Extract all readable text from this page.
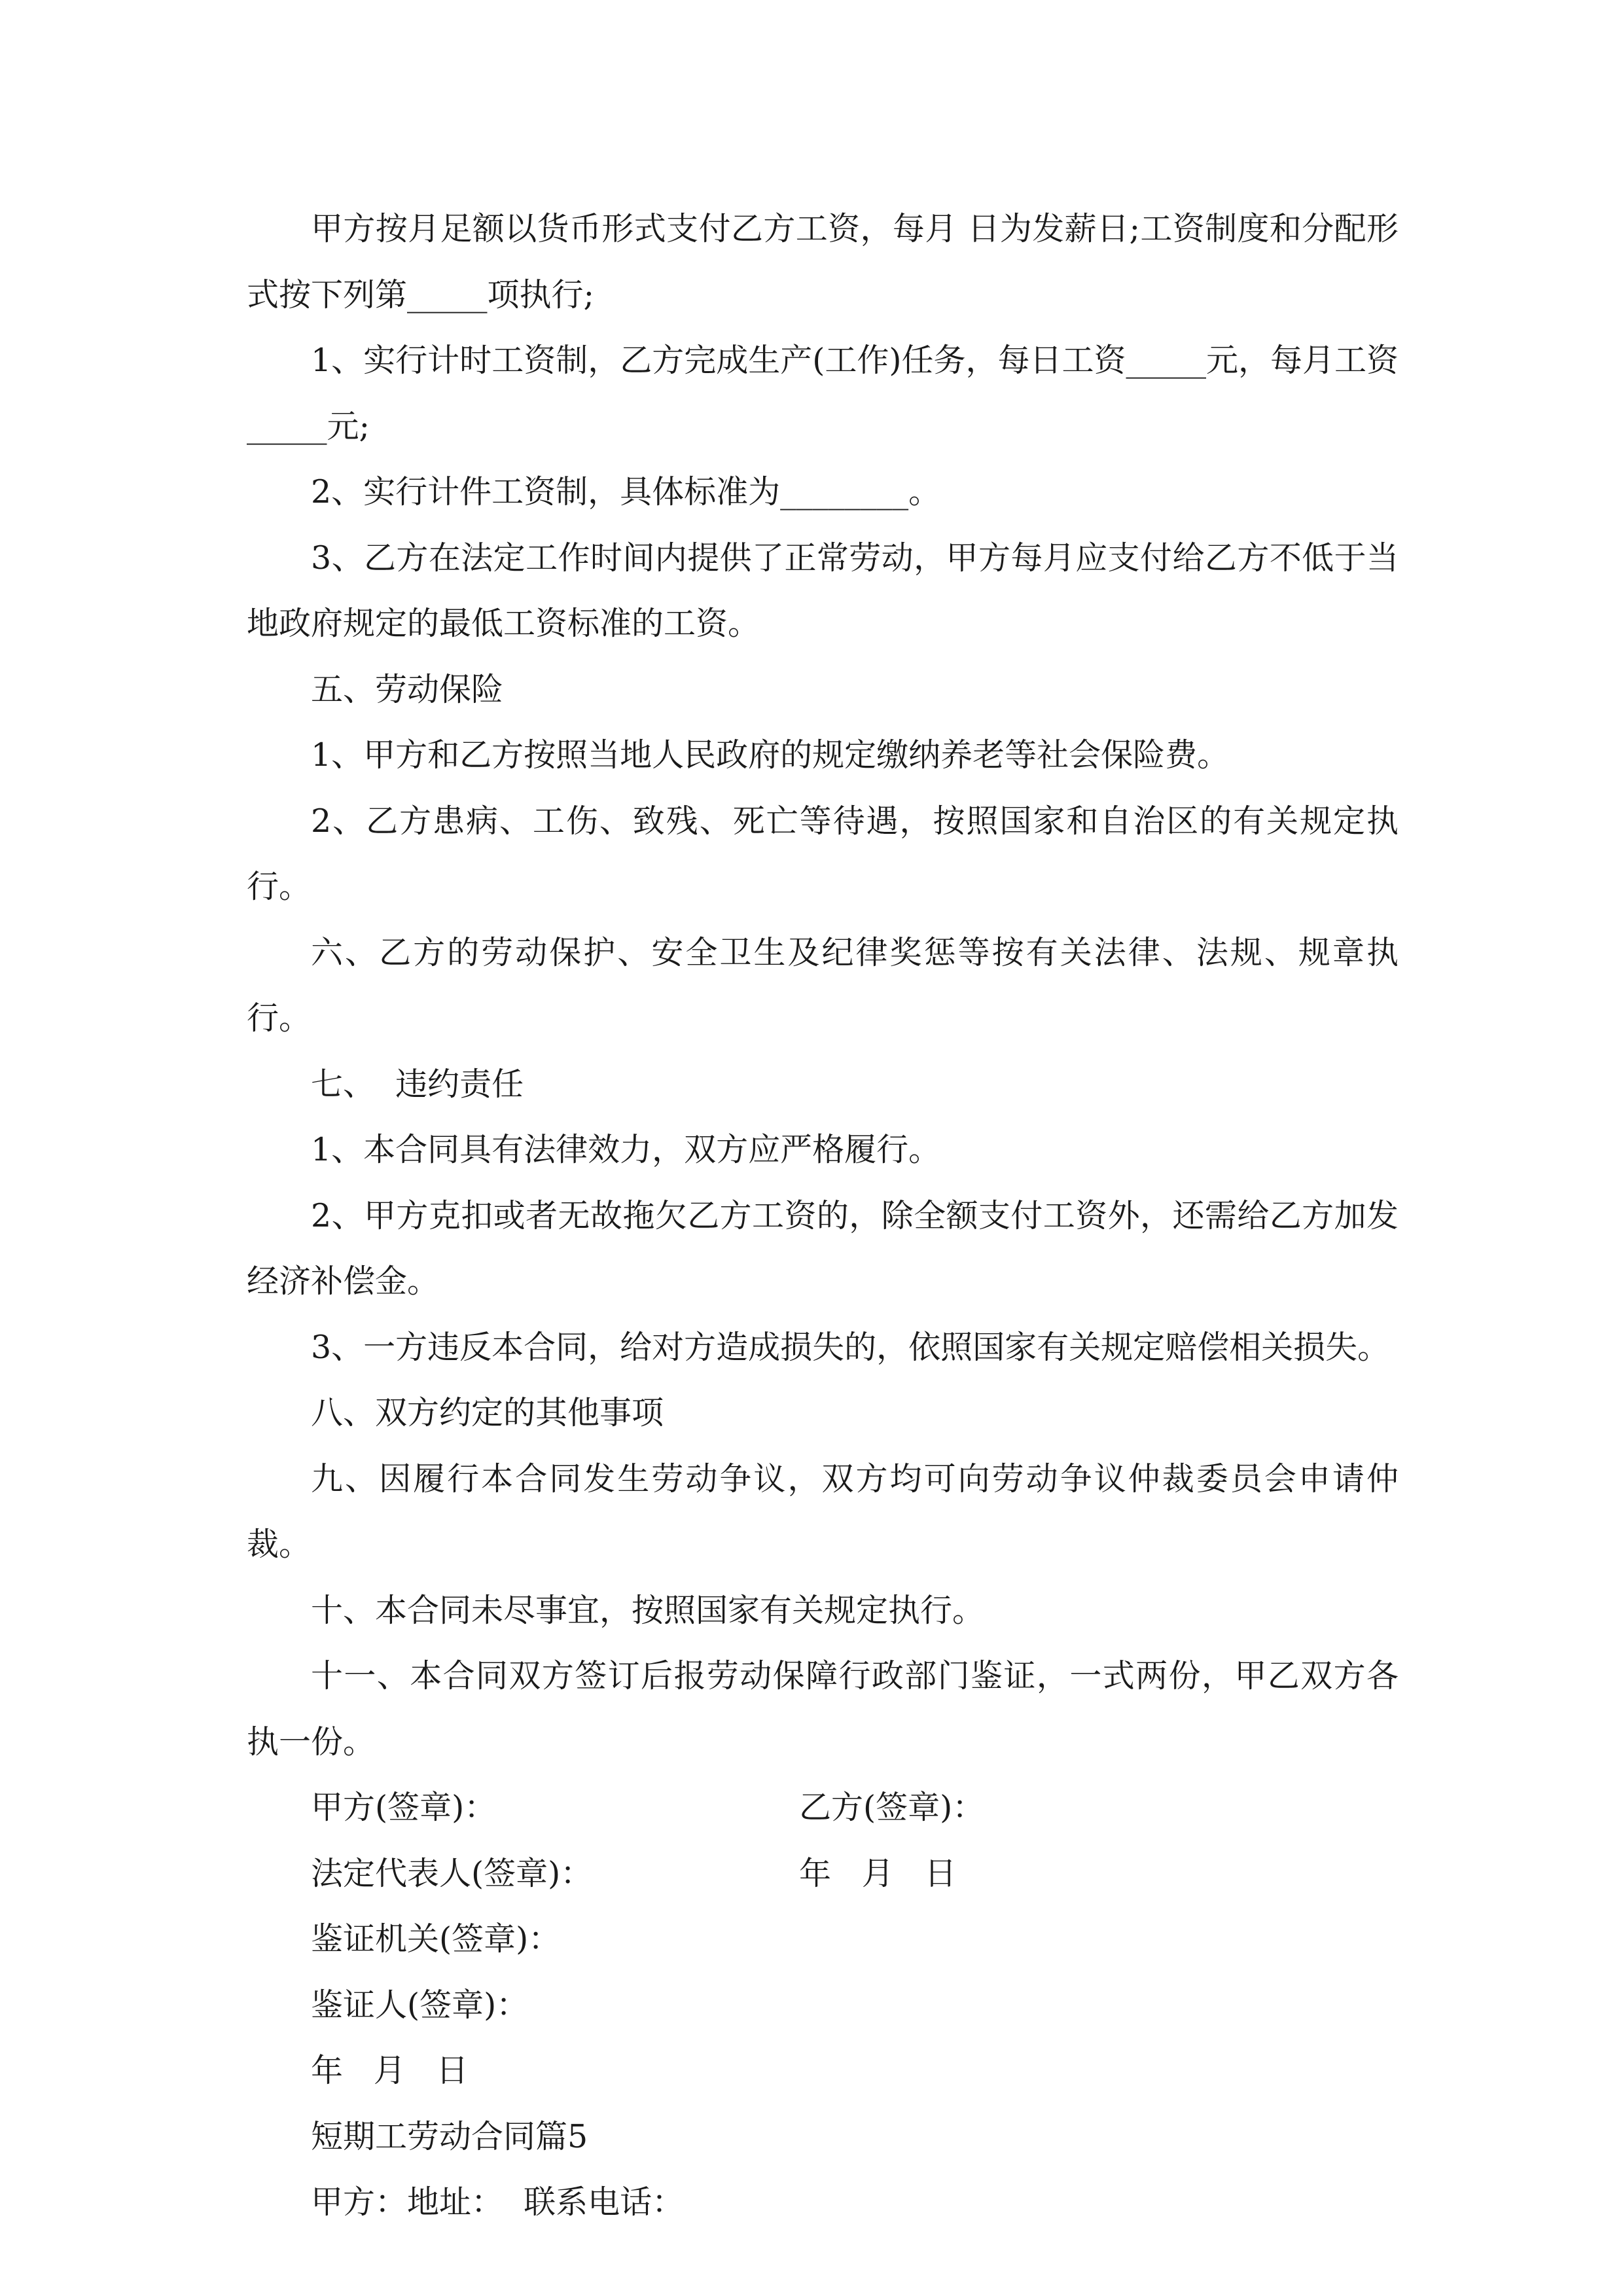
甲方按月足额以货币形式支付乙方工资，每月 日为发薪日;工资制度和分配形式按下列第_____项执行;

1、实行计时工资制，乙方完成生产(工作)任务，每日工资_____元，每月工资_____元;

2、实行计件工资制，具体标准为________。

3、乙方在法定工作时间内提供了正常劳动，甲方每月应支付给乙方不低于当地政府规定的最低工资标准的工资。

五、劳动保险

1、甲方和乙方按照当地人民政府的规定缴纳养老等社会保险费。

2、乙方患病、工伤、致残、死亡等待遇，按照国家和自治区的有关规定执行。

六、乙方的劳动保护、安全卫生及纪律奖惩等按有关法律、法规、规章执行。

七、  违约责任

1、本合同具有法律效力，双方应严格履行。

2、甲方克扣或者无故拖欠乙方工资的，除全额支付工资外，还需给乙方加发经济补偿金。

3、一方违反本合同，给对方造成损失的，依照国家有关规定赔偿相关损失。

八、双方约定的其他事项

九、因履行本合同发生劳动争议，双方均可向劳动争议仲裁委员会申请仲裁。

十、本合同未尽事宜，按照国家有关规定执行。

十一、本合同双方签订后报劳动保障行政部门鉴证，一式两份，甲乙双方各执一份。

甲方(签章)：	乙方(签章)：
法定代表人(签章)：	年   月   日
鉴证机关(签章)：
鉴证人(签章)：
年   月   日

短期工劳动合同篇5

甲方：地址：  联系电话：
